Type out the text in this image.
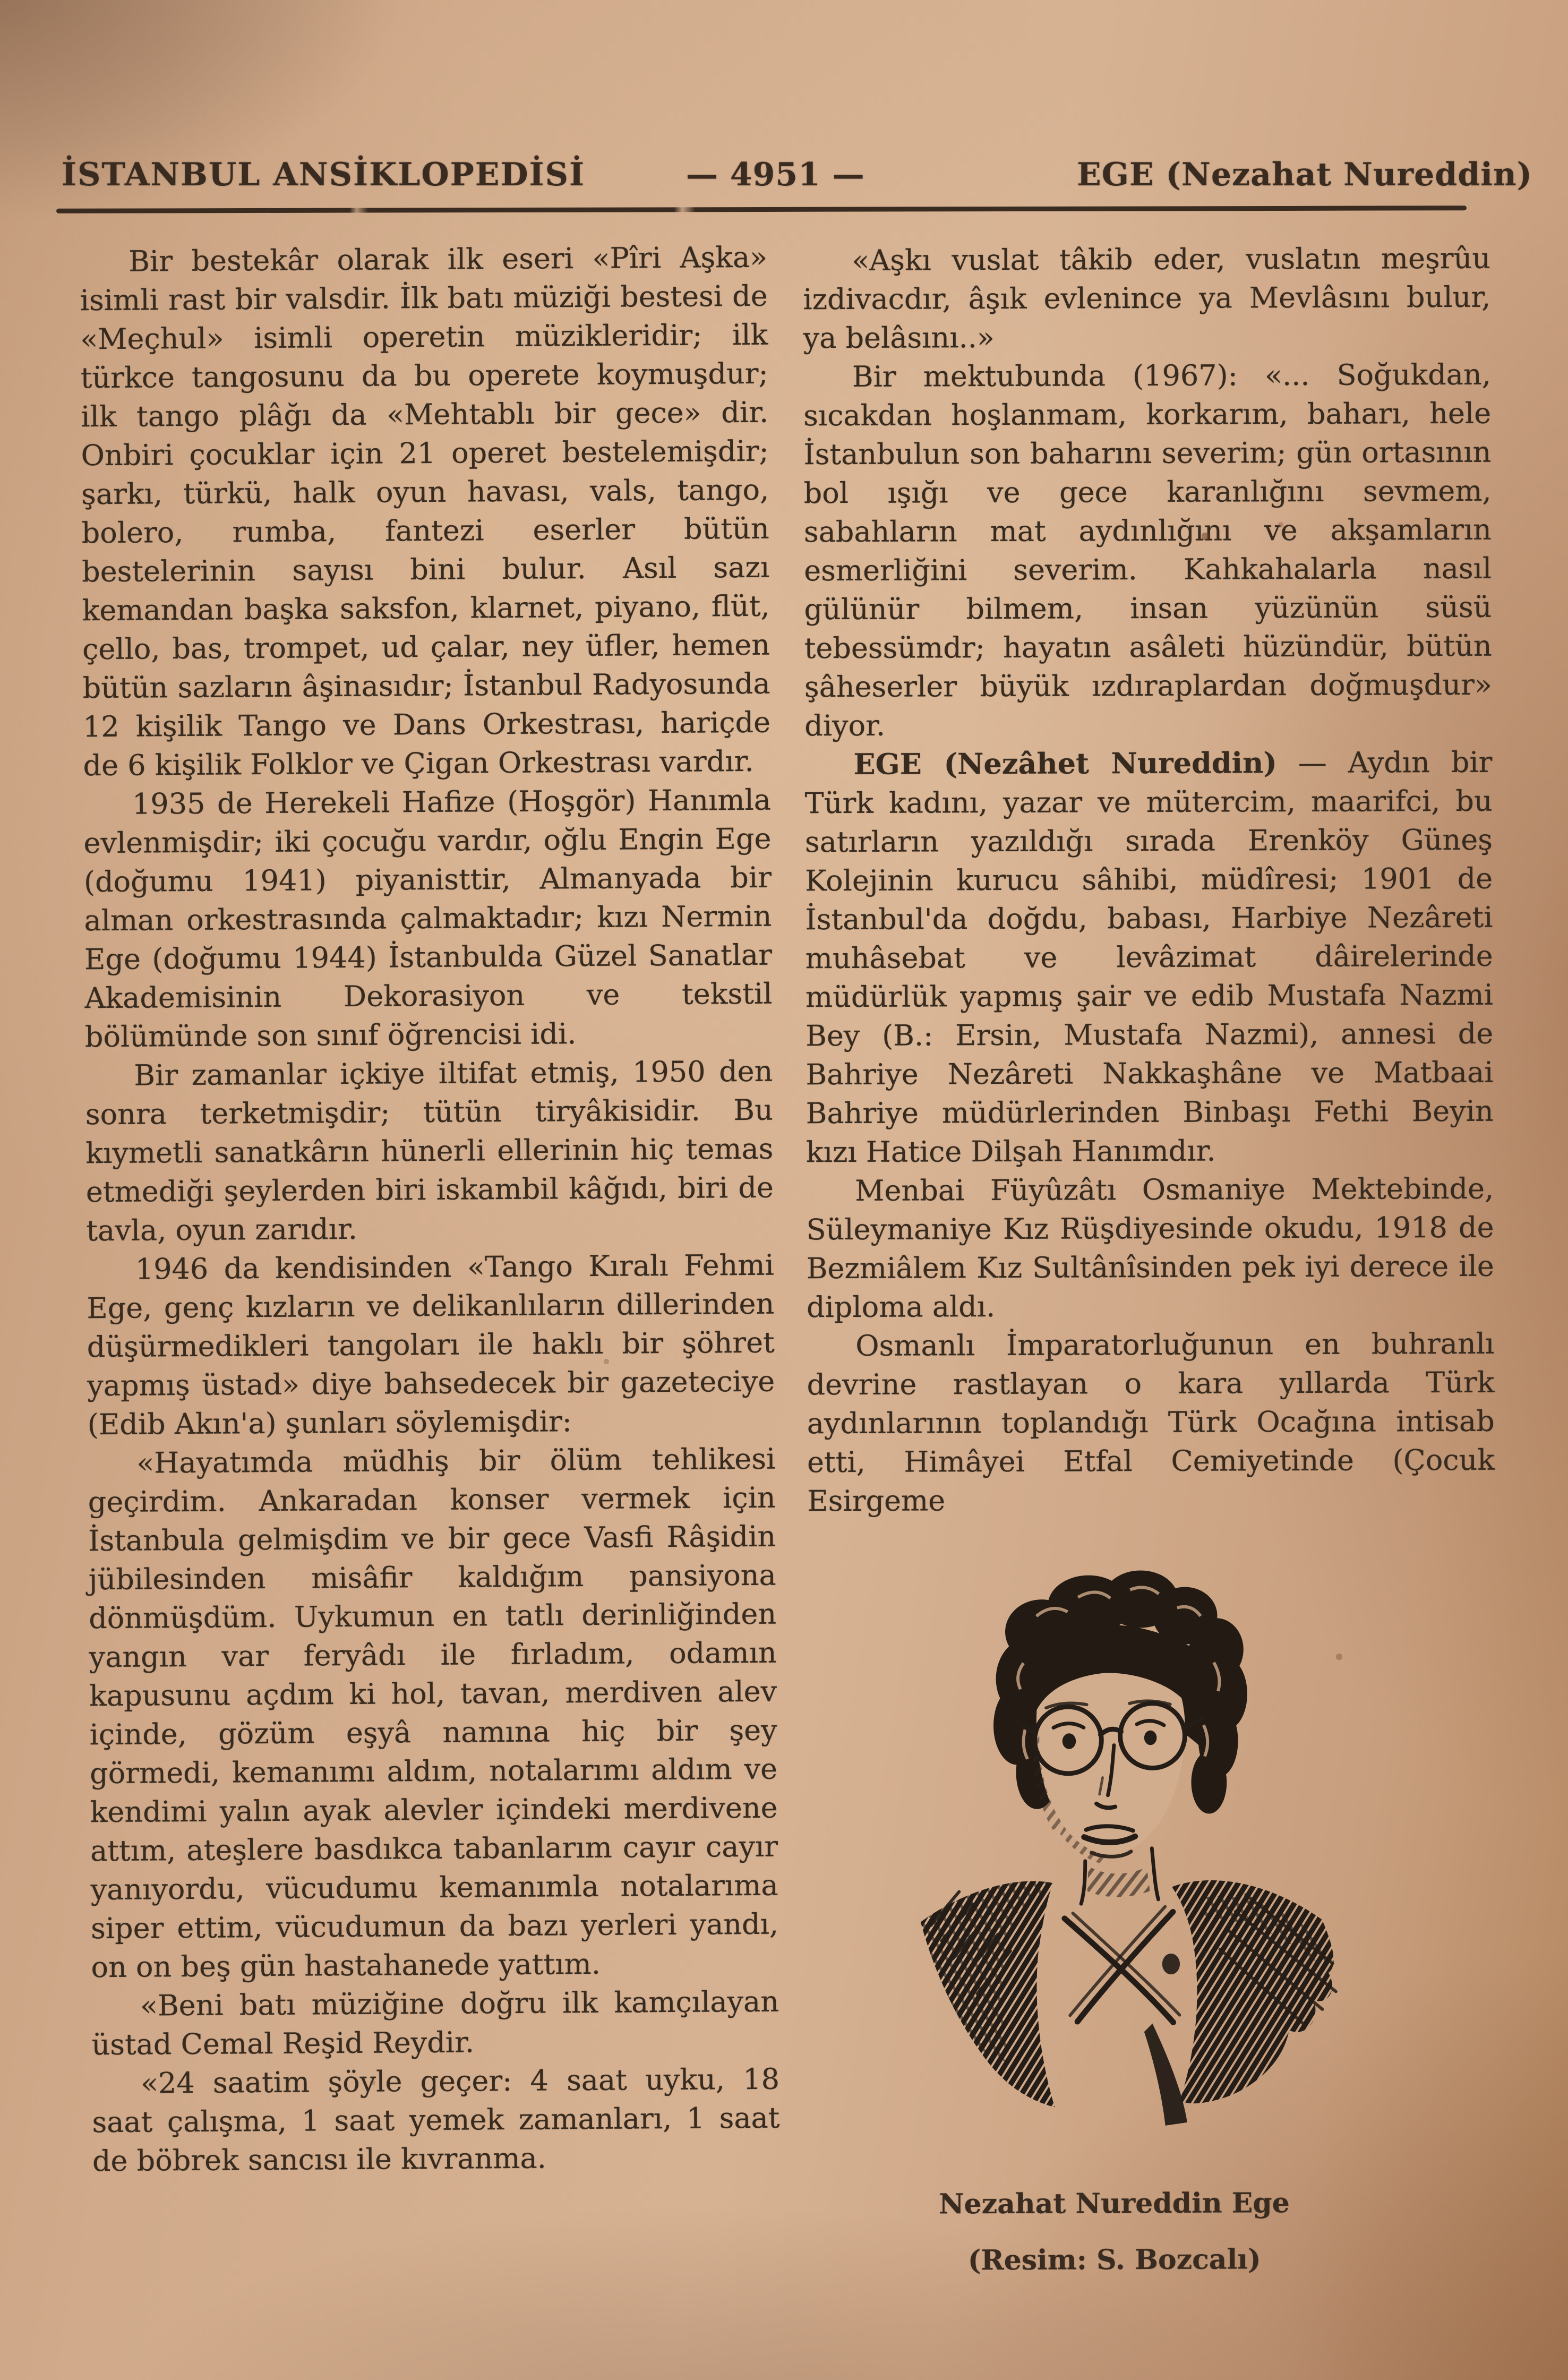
İSTANBUL ANSİKLOPEDİSİ	— 4951 —	EGE (Nezahat Nureddin)

Bir bestekâr olarak ilk eseri «Pîri Aşka» isimli rast bir valsdir. İlk batı müziği bestesi de «Meçhul» isimli operetin müzikleridir; ilk türkce tangosunu da bu operete koymuşdur; ilk tango plâğı da «Mehtablı bir gece» dir. Onbiri çocuklar için 21 operet bestelemişdir; şarkı, türkü, halk oyun havası, vals, tango, bolero, rumba, fantezi eserler bütün bestelerinin sayısı bini bulur. Asıl sazı kemandan başka saksfon, klarnet, piyano, flüt, çello, bas, trompet, ud çalar, ney üfler, hemen bütün sazların âşinasıdır; İstanbul Radyosunda 12 kişilik Tango ve Dans Orkestrası, hariçde de 6 kişilik Folklor ve Çigan Orkestrası vardır.

1935 de Herekeli Hafize (Hoşgör) Hanımla evlenmişdir; iki çocuğu vardır, oğlu Engin Ege (doğumu 1941) piyanisttir, Almanyada bir alman orkestrasında çalmaktadır; kızı Nermin Ege (doğumu 1944) İstanbulda Güzel Sanatlar Akademisinin Dekorasiyon ve tekstil bölümünde son sınıf öğrencisi idi.

Bir zamanlar içkiye iltifat etmiş, 1950 den sonra terketmişdir; tütün tiryâkisidir. Bu kıymetli sanatkârın hünerli ellerinin hiç temas etmediği şeylerden biri iskambil kâğıdı, biri de tavla, oyun zarıdır.

1946 da kendisinden «Tango Kıralı Fehmi Ege, genç kızların ve delikanlıların dillerinden düşürmedikleri tangoları ile haklı bir şöhret yapmış üstad» diye bahsedecek bir gazeteciye (Edib Akın'a) şunları söylemişdir:

«Hayatımda müdhiş bir ölüm tehlikesi geçirdim. Ankaradan konser vermek için İstanbula gelmişdim ve bir gece Vasfi Râşidin jübilesinden misâfir kaldığım pansiyona dönmüşdüm. Uykumun en tatlı derinliğinden yangın var feryâdı ile fırladım, odamın kapusunu açdım ki hol, tavan, merdiven alev içinde, gözüm eşyâ namına hiç bir şey görmedi, kemanımı aldım, notalarımı aldım ve kendimi yalın ayak alevler içindeki merdivene attım, ateşlere basdıkca tabanlarım cayır cayır yanıyordu, vücudumu kemanımla notalarıma siper ettim, vücudumun da bazı yerleri yandı, on on beş gün hastahanede yattım.

«Beni batı müziğine doğru ilk kamçılayan üstad Cemal Reşid Reydir.

«24 saatim şöyle geçer: 4 saat uyku, 18 saat çalışma, 1 saat yemek zamanları, 1 saat de böbrek sancısı ile kıvranma.

«Aşkı vuslat tâkib eder, vuslatın meşrûu izdivacdır, âşık evlenince ya Mevlâsını bulur, ya belâsını..»

Bir mektubunda (1967): «... Soğukdan, sıcakdan hoşlanmam, korkarım, baharı, hele İstanbulun son baharını severim; gün ortasının bol ışığı ve gece karanlığını sevmem, sabahların mat aydınlığını ve akşamların esmerliğini severim. Kahkahalarla nasıl gülünür bilmem, insan yüzünün süsü tebessümdr; hayatın asâleti hüzündür, bütün şâheserler büyük ızdıraplardan doğmuşdur» diyor.

EGE (Nezâhet Nureddin) — Aydın bir Türk kadını, yazar ve mütercim, maarifci, bu satırların yazıldığı sırada Erenköy Güneş Kolejinin kurucu sâhibi, müdîresi; 1901 de İstanbul'da doğdu, babası, Harbiye Nezâreti muhâsebat ve levâzimat dâirelerinde müdürlük yapmış şair ve edib Mustafa Nazmi Bey (B.: Ersin, Mustafa Nazmi), annesi de Bahriye Nezâreti Nakkaşhâne ve Matbaai Bahriye müdürlerinden Binbaşı Fethi Beyin kızı Hatice Dilşah Hanımdır.

Menbai Füyûzâtı Osmaniye Mektebinde, Süleymaniye Kız Rüşdiyesinde okudu, 1918 de Bezmiâlem Kız Sultânîsinden pek iyi derece ile diploma aldı.

Osmanlı İmparatorluğunun en buhranlı devrine rastlayan o kara yıllarda Türk aydınlarının toplandığı Türk Ocağına intisab etti, Himâyei Etfal Cemiyetinde (Çocuk Esirgeme

Nezahat Nureddin Ege
(Resim: S. Bozcalı)
